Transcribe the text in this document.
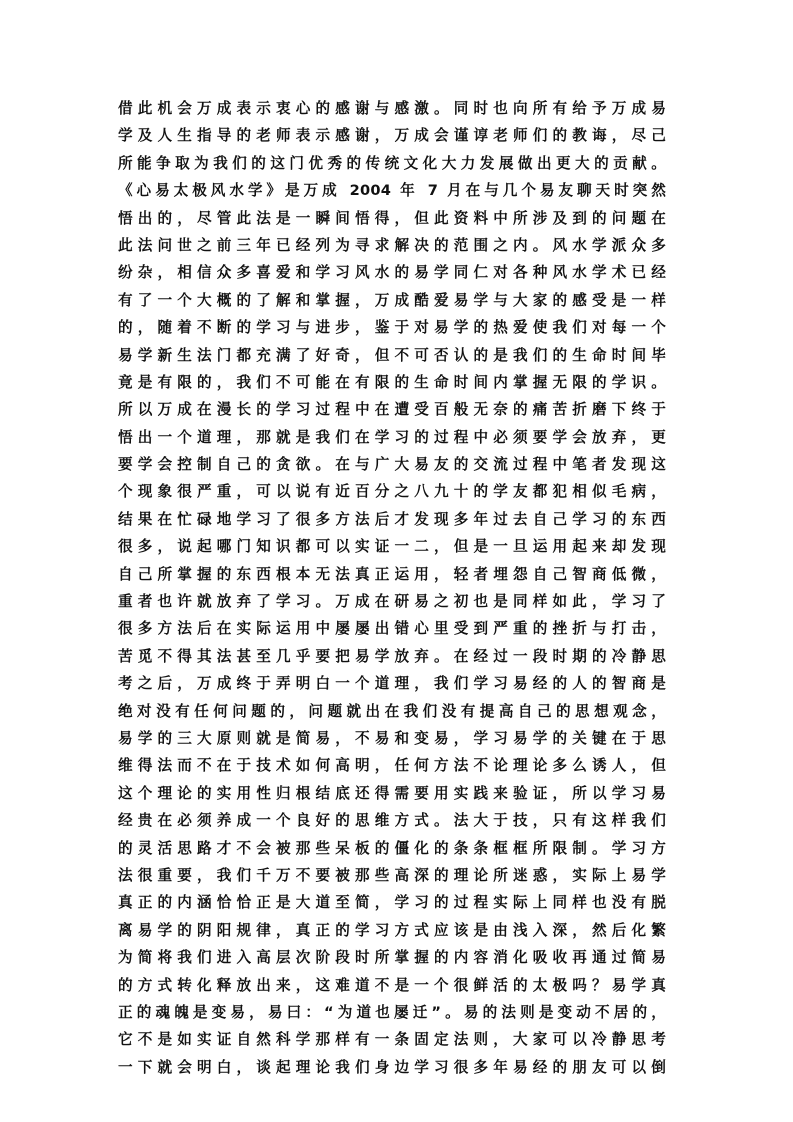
借此机会万成表示衷心的感谢与感激。同时也向所有给予万成易
学及人生指导的老师表示感谢，万成会谨谆老师们的教诲，尽己
所能争取为我们的这门优秀的传统文化大力发展做出更大的贡献。
《心易太极风水学》是万成 2004 年 7 月在与几个易友聊天时突然
悟出的，尽管此法是一瞬间悟得，但此资料中所涉及到的问题在
此法问世之前三年已经列为寻求解决的范围之内。风水学派众多
纷杂，相信众多喜爱和学习风水的易学同仁对各种风水学术已经
有了一个大概的了解和掌握，万成酷爱易学与大家的感受是一样
的，随着不断的学习与进步，鉴于对易学的热爱使我们对每一个
易学新生法门都充满了好奇，但不可否认的是我们的生命时间毕
竟是有限的，我们不可能在有限的生命时间内掌握无限的学识。
所以万成在漫长的学习过程中在遭受百般无奈的痛苦折磨下终于
悟出一个道理，那就是我们在学习的过程中必须要学会放弃，更
要学会控制自己的贪欲。在与广大易友的交流过程中笔者发现这
个现象很严重，可以说有近百分之八九十的学友都犯相似毛病，
结果在忙碌地学习了很多方法后才发现多年过去自己学习的东西
很多，说起哪门知识都可以实证一二，但是一旦运用起来却发现
自己所掌握的东西根本无法真正运用，轻者埋怨自己智商低微，
重者也许就放弃了学习。万成在研易之初也是同样如此，学习了
很多方法后在实际运用中屡屡出错心里受到严重的挫折与打击，
苦觅不得其法甚至几乎要把易学放弃。在经过一段时期的冷静思
考之后，万成终于弄明白一个道理，我们学习易经的人的智商是
绝对没有任何问题的，问题就出在我们没有提高自己的思想观念，
易学的三大原则就是简易，不易和变易，学习易学的关键在于思
维得法而不在于技术如何高明，任何方法不论理论多么诱人，但
这个理论的实用性归根结底还得需要用实践来验证，所以学习易
经贵在必须养成一个良好的思维方式。法大于技，只有这样我们
的灵活思路才不会被那些呆板的僵化的条条框框所限制。学习方
法很重要，我们千万不要被那些高深的理论所迷惑，实际上易学
真正的内涵恰恰正是大道至简，学习的过程实际上同样也没有脱
离易学的阴阳规律，真正的学习方式应该是由浅入深，然后化繁
为简将我们进入高层次阶段时所掌握的内容消化吸收再通过简易
的方式转化释放出来，这难道不是一个很鲜活的太极吗？易学真
正的魂魄是变易，易曰：“为道也屡迁”。易的法则是变动不居的，
它不是如实证自然科学那样有一条固定法则，大家可以冷静思考
一下就会明白，谈起理论我们身边学习很多年易经的朋友可以倒
